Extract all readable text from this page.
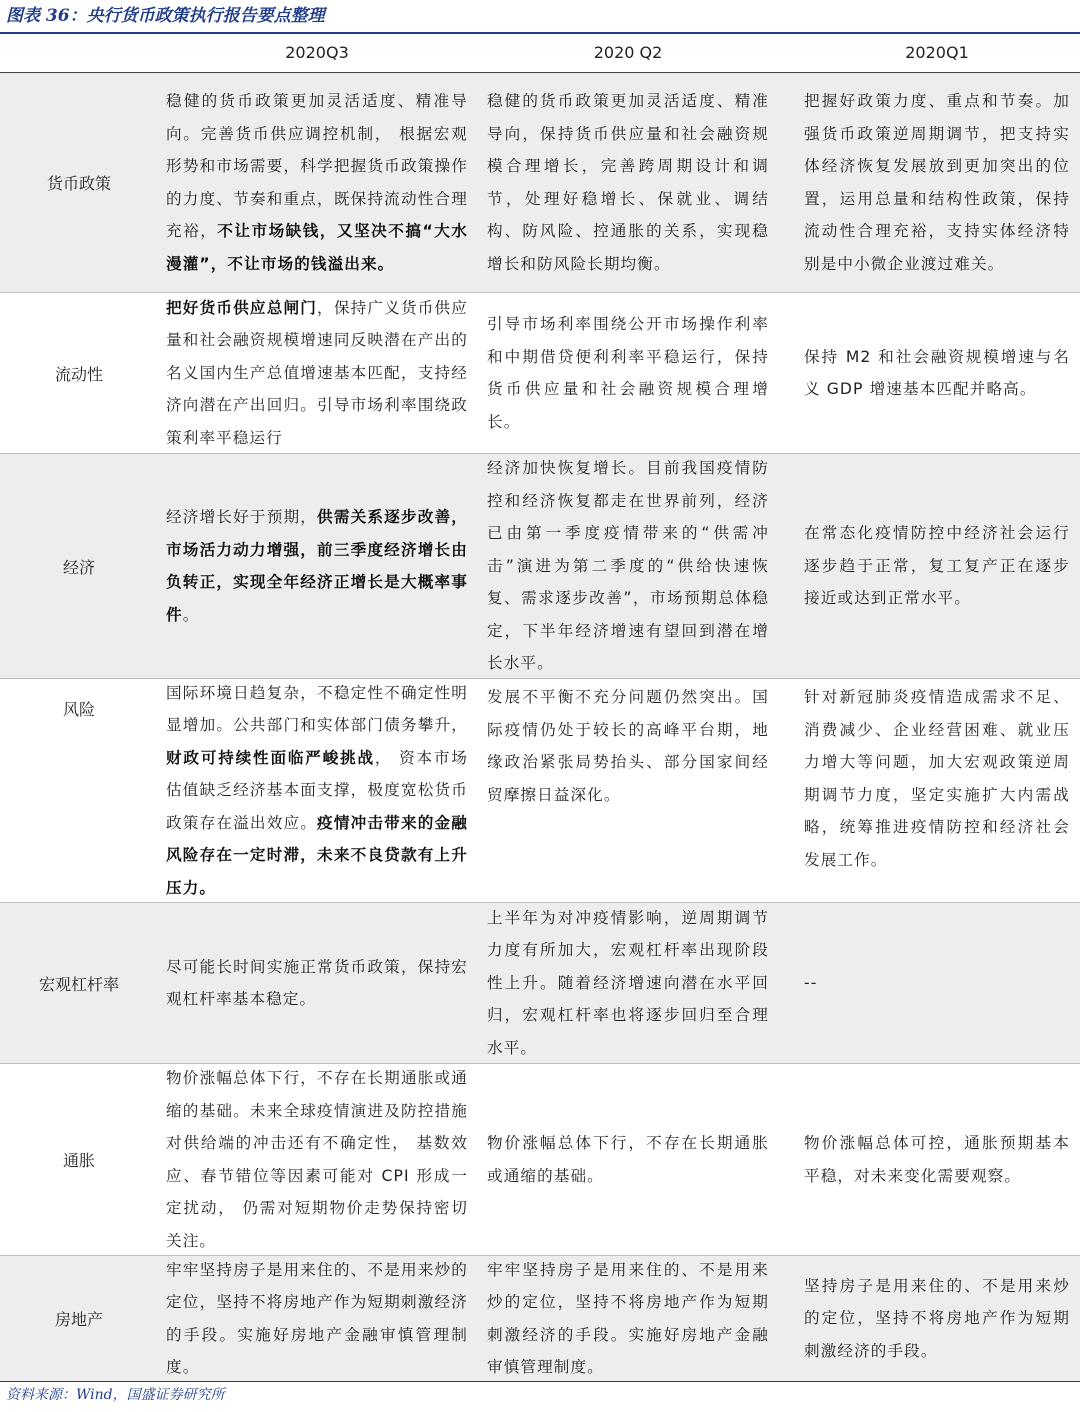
图表 36：央行货币政策执行报告要点整理
2020Q3	2020 Q2	2020Q1
货币政策
稳健的货币政策更加灵活适度、精准导向。完善货币供应调控机制， 根据宏观形势和市场需要，科学把握货币政策操作的力度、节奏和重点，既保持流动性合理充裕，不让市场缺钱，又坚决不搞“大水漫灌”，不让市场的钱溢出来。
稳健的货币政策更加灵活适度、精准导向，保持货币供应量和社会融资规模合理增长，完善跨周期设计和调节，处理好稳增长、保就业、调结构、防风险、控通胀的关系，实现稳增长和防风险长期均衡。
把握好政策力度、重点和节奏。加强货币政策逆周期调节，把支持实体经济恢复发展放到更加突出的位置，运用总量和结构性政策，保持流动性合理充裕，支持实体经济特别是中小微企业渡过难关。
流动性
把好货币供应总闸门，保持广义货币供应量和社会融资规模增速同反映潜在产出的名义国内生产总值增速基本匹配，支持经济向潜在产出回归。引导市场利率围绕政策利率平稳运行
引导市场利率围绕公开市场操作利率和中期借贷便利利率平稳运行，保持货币供应量和社会融资规模合理增长。
保持 M2 和社会融资规模增速与名义 GDP 增速基本匹配并略高。
经济
经济增长好于预期，供需关系逐步改善，市场活力动力增强，前三季度经济增长由负转正，实现全年经济正增长是大概率事件。
经济加快恢复增长。目前我国疫情防控和经济恢复都走在世界前列，经济已由第一季度疫情带来的“供需冲击”演进为第二季度的“供给快速恢复、需求逐步改善”，市场预期总体稳定，下半年经济增速有望回到潜在增长水平。
在常态化疫情防控中经济社会运行逐步趋于正常，复工复产正在逐步接近或达到正常水平。
风险
国际环境日趋复杂，不稳定性不确定性明显增加。公共部门和实体部门债务攀升，财政可持续性面临严峻挑战， 资本市场估值缺乏经济基本面支撑，极度宽松货币政策存在溢出效应。疫情冲击带来的金融风险存在一定时滞，未来不良贷款有上升压力。
发展不平衡不充分问题仍然突出。国际疫情仍处于较长的高峰平台期，地缘政治紧张局势抬头、部分国家间经贸摩擦日益深化。
针对新冠肺炎疫情造成需求不足、消费减少、企业经营困难、就业压力增大等问题，加大宏观政策逆周期调节力度，坚定实施扩大内需战略，统筹推进疫情防控和经济社会发展工作。
宏观杠杆率
尽可能长时间实施正常货币政策，保持宏观杠杆率基本稳定。
上半年为对冲疫情影响，逆周期调节力度有所加大，宏观杠杆率出现阶段性上升。随着经济增速向潜在水平回归，宏观杠杆率也将逐步回归至合理水平。
--
通胀
物价涨幅总体下行，不存在长期通胀或通缩的基础。未来全球疫情演进及防控措施对供给端的冲击还有不确定性， 基数效应、春节错位等因素可能对 CPI 形成一定扰动， 仍需对短期物价走势保持密切关注。
物价涨幅总体下行，不存在长期通胀或通缩的基础。
物价涨幅总体可控，通胀预期基本平稳，对未来变化需要观察。
房地产
牢牢坚持房子是用来住的、不是用来炒的定位，坚持不将房地产作为短期刺激经济的手段。实施好房地产金融审慎管理制度。
牢牢坚持房子是用来住的、不是用来炒的定位，坚持不将房地产作为短期刺激经济的手段。实施好房地产金融审慎管理制度。
坚持房子是用来住的、不是用来炒的定位，坚持不将房地产作为短期刺激经济的手段。
资料来源：Wind，国盛证券研究所
